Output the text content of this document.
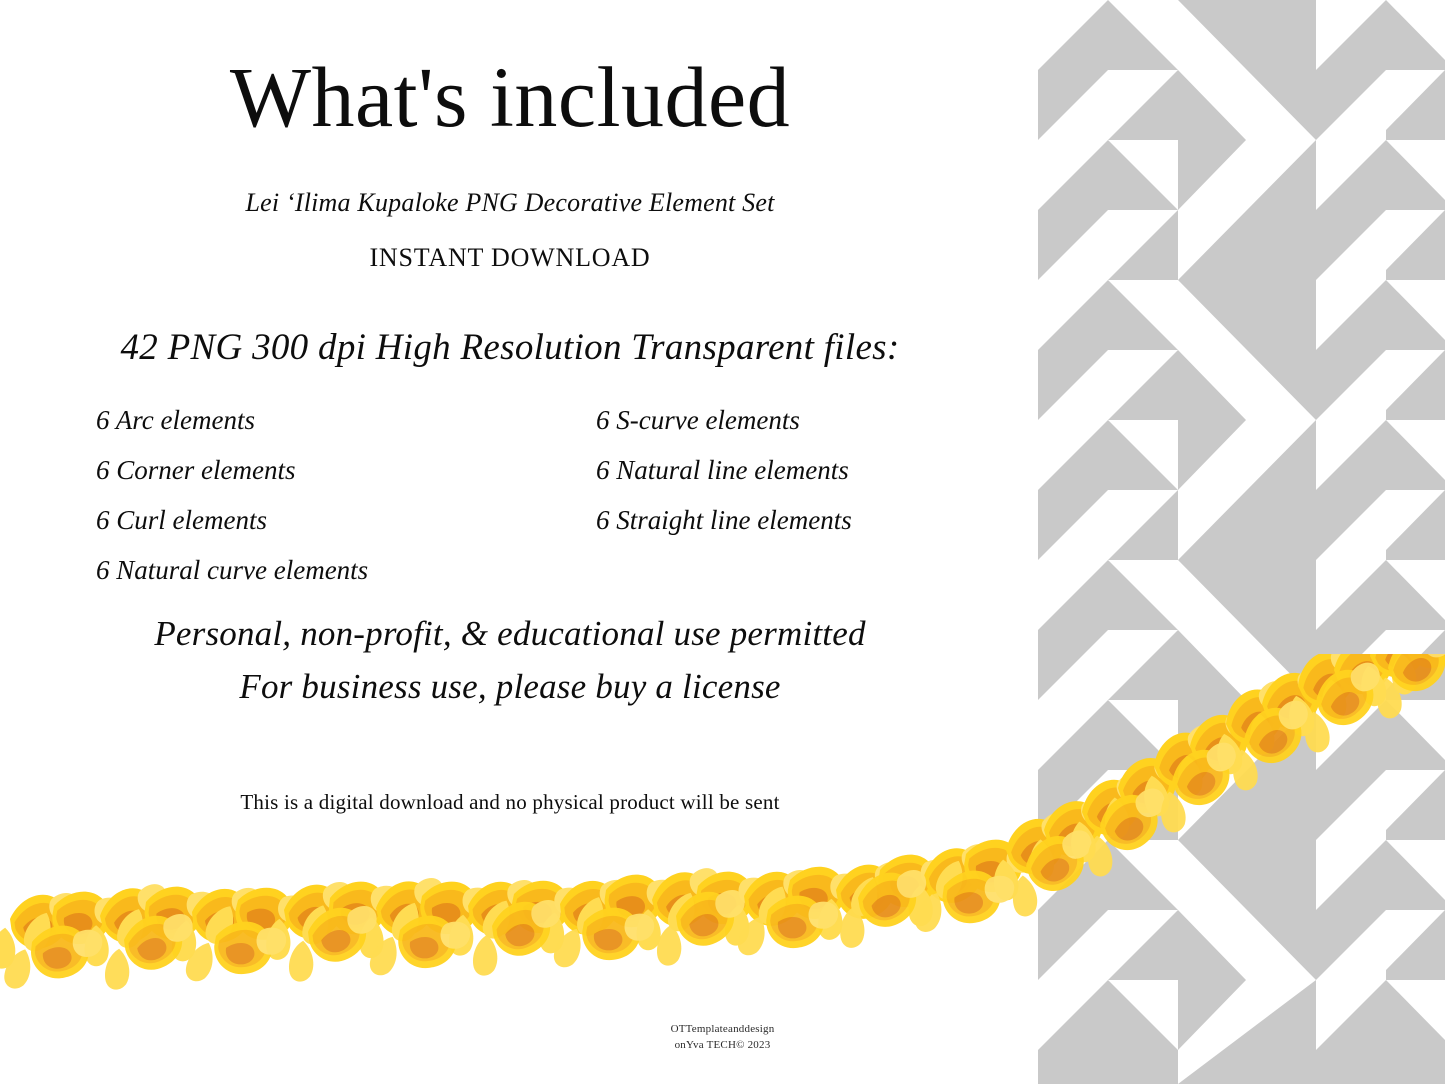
What's included
Lei ʻIlima Kupaloke PNG Decorative Element Set
INSTANT DOWNLOAD
42 PNG 300 dpi High Resolution Transparent files:
6 Arc elements
6 Corner elements
6 Curl elements
6 Natural curve elements
6 S-curve elements
6 Natural line elements
6 Straight line elements
Personal, non-profit, & educational use permitted
For business use, please buy a license
This is a digital download and no physical product will be sent
OTTemplateanddesign
onYva TECH© 2023
